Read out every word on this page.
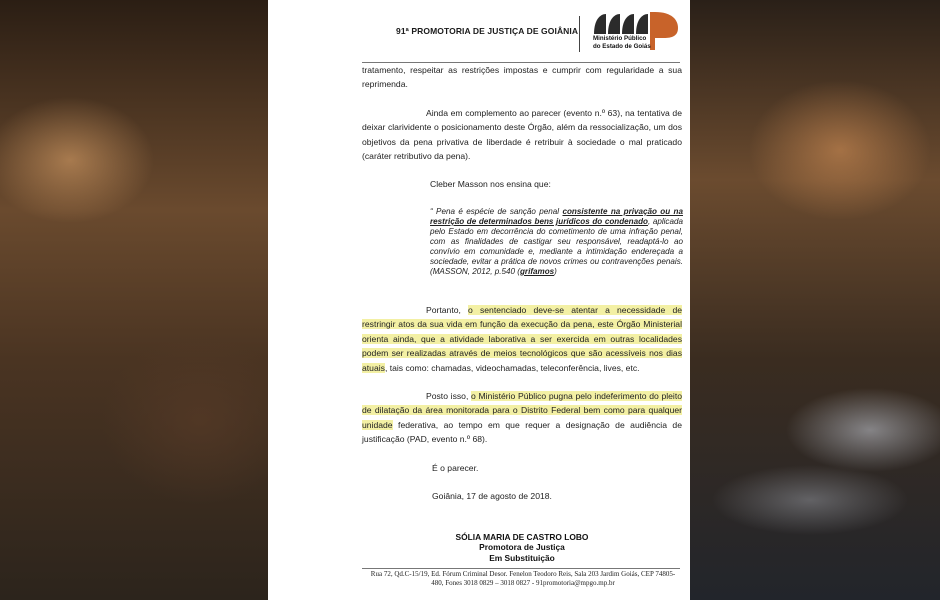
91ª PROMOTORIA DE JUSTIÇA DE GOIÂNIA
Ministério Público
do Estado de Goiás
tratamento, respeitar as restrições impostas e cumprir com regularidade a sua reprimenda.
Ainda em complemento ao parecer (evento n.º 63), na tentativa de deixar clarividente o posicionamento deste Órgão, além da ressocialização, um dos objetivos da pena privativa de liberdade é retribuir à sociedade o mal praticado (caráter retributivo da pena).
Cleber Masson nos ensina que:
“ Pena é espécie de sanção penal consistente na privação ou na restrição de determinados bens jurídicos do condenado, aplicada pelo Estado em decorrência do cometimento de uma infração penal, com as finalidades de castigar seu responsável, readaptá-lo ao convívio em comunidade e, mediante a intimidação endereçada a sociedade, evitar a prática de novos crimes ou contravenções penais. (MASSON, 2012, p.540 (grifamos)
Portanto, o sentenciado deve-se atentar a necessidade de restringir atos da sua vida em função da execução da pena, este Órgão Ministerial orienta ainda, que a atividade laborativa a ser exercida em outras localidades podem ser realizadas através de meios tecnológicos que são acessíveis nos dias atuais, tais como: chamadas, videochamadas, teleconferência, lives, etc.
Posto isso, o Ministério Público pugna pelo indeferimento do pleito de dilatação da área monitorada para o Distrito Federal bem como para qualquer unidade federativa, ao tempo em que requer a designação de audiência de justificação (PAD, evento n.º 68).
É o parecer.
Goiânia, 17 de agosto de 2018.
SÓLIA MARIA DE CASTRO LOBO
Promotora de Justiça
Em Substituição
Rua 72, Qd.C-15/19, Ed. Fórum Criminal Desor. Fenelon Teodoro Reis, Sala 203 Jardim Goiás, CEP 74805-
480, Fones 3018 0829 – 3018 0827 - 91promotoria@mpgo.mp.br
